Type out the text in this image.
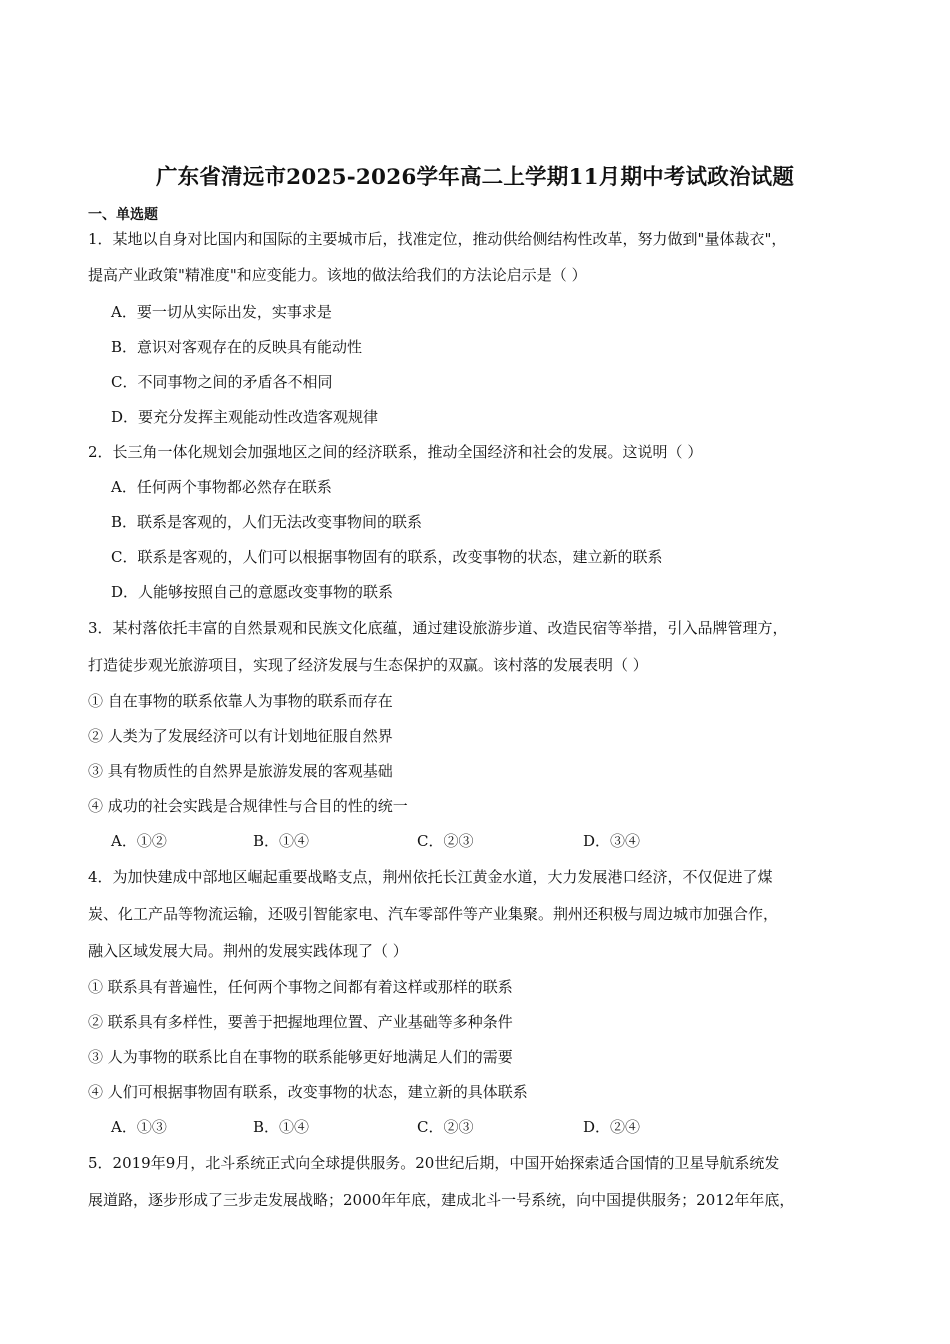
广东省清远市2025-2026学年高二上学期11月期中考试政治试题
一、单选题
1．某地以自身对比国内和国际的主要城市后，找准定位，推动供给侧结构性改革，努力做到"量体裁衣"，
提高产业政策"精准度"和应变能力。该地的做法给我们的方法论启示是（ ）
A．要一切从实际出发，实事求是
B．意识对客观存在的反映具有能动性
C．不同事物之间的矛盾各不相同
D．要充分发挥主观能动性改造客观规律
2．长三角一体化规划会加强地区之间的经济联系，推动全国经济和社会的发展。这说明（ ）
A．任何两个事物都必然存在联系
B．联系是客观的，人们无法改变事物间的联系
C．联系是客观的，人们可以根据事物固有的联系，改变事物的状态，建立新的联系
D．人能够按照自己的意愿改变事物的联系
3．某村落依托丰富的自然景观和民族文化底蕴，通过建设旅游步道、改造民宿等举措，引入品牌管理方，
打造徒步观光旅游项目，实现了经济发展与生态保护的双赢。该村落的发展表明（ ）
① 自在事物的联系依靠人为事物的联系而存在
② 人类为了发展经济可以有计划地征服自然界
③ 具有物质性的自然界是旅游发展的客观基础
④ 成功的社会实践是合规律性与合目的性的统一
A．①②	B．①④	C．②③	D．③④
4．为加快建成中部地区崛起重要战略支点，荆州依托长江黄金水道，大力发展港口经济，不仅促进了煤
炭、化工产品等物流运输，还吸引智能家电、汽车零部件等产业集聚。荆州还积极与周边城市加强合作，
融入区域发展大局。荆州的发展实践体现了（ ）
① 联系具有普遍性，任何两个事物之间都有着这样或那样的联系
② 联系具有多样性，要善于把握地理位置、产业基础等多种条件
③ 人为事物的联系比自在事物的联系能够更好地满足人们的需要
④ 人们可根据事物固有联系，改变事物的状态，建立新的具体联系
A．①③	B．①④	C．②③	D．②④
5．2019年9月，北斗系统正式向全球提供服务。20世纪后期，中国开始探索适合国情的卫星导航系统发
展道路，逐步形成了三步走发展战略；2000年年底，建成北斗一号系统，向中国提供服务；2012年年底，
